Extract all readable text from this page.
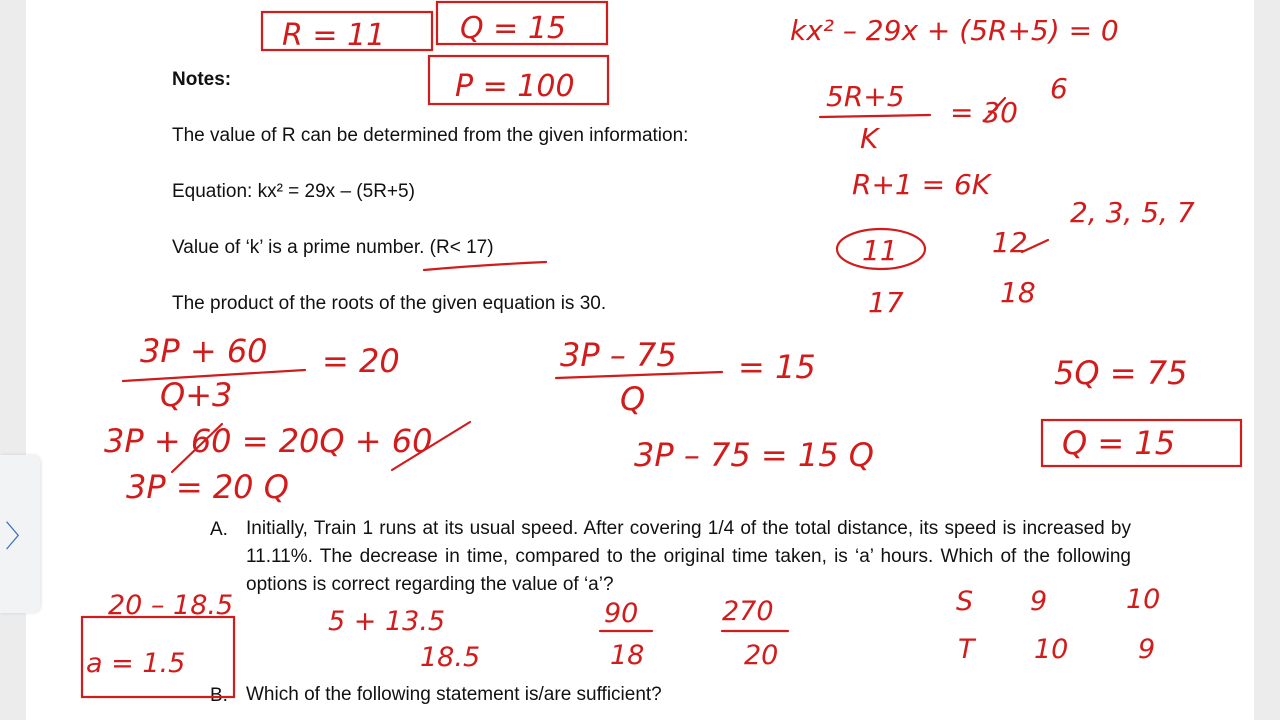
Notes:
The value of R can be determined from the given information:
Equation: kx² = 29x – (5R+5)
Value of ‘k’ is a prime number. (R< 17)
The product of the roots of the given equation is 30.
A. Initially, Train 1 runs at its usual speed. After covering 1/4 of the total distance, its speed is increased by 11.11%. The decrease in time, compared to the original time taken, is ‘a’ hours. Which of the following options is correct regarding the value of ‘a’?
B. Which of the following statement is/are sufficient?
〉
R = 11 Q = 15
P = 100
kx² – 29x + (5R+5) = 0
5R+5
K
= 30
6
R+1 = 6K
2, 3, 5, 7
11	12
17	18
3P + 60
Q+3
= 20
3P + 60 = 20Q + 60
3P = 20 Q
3P – 75
Q
= 15
3P – 75 = 15 Q
5Q = 75
Q = 15
20 – 18.5
a = 1.5
5 + 13.5
18.5
90
18
270
20
S 9	10
T 10	9
